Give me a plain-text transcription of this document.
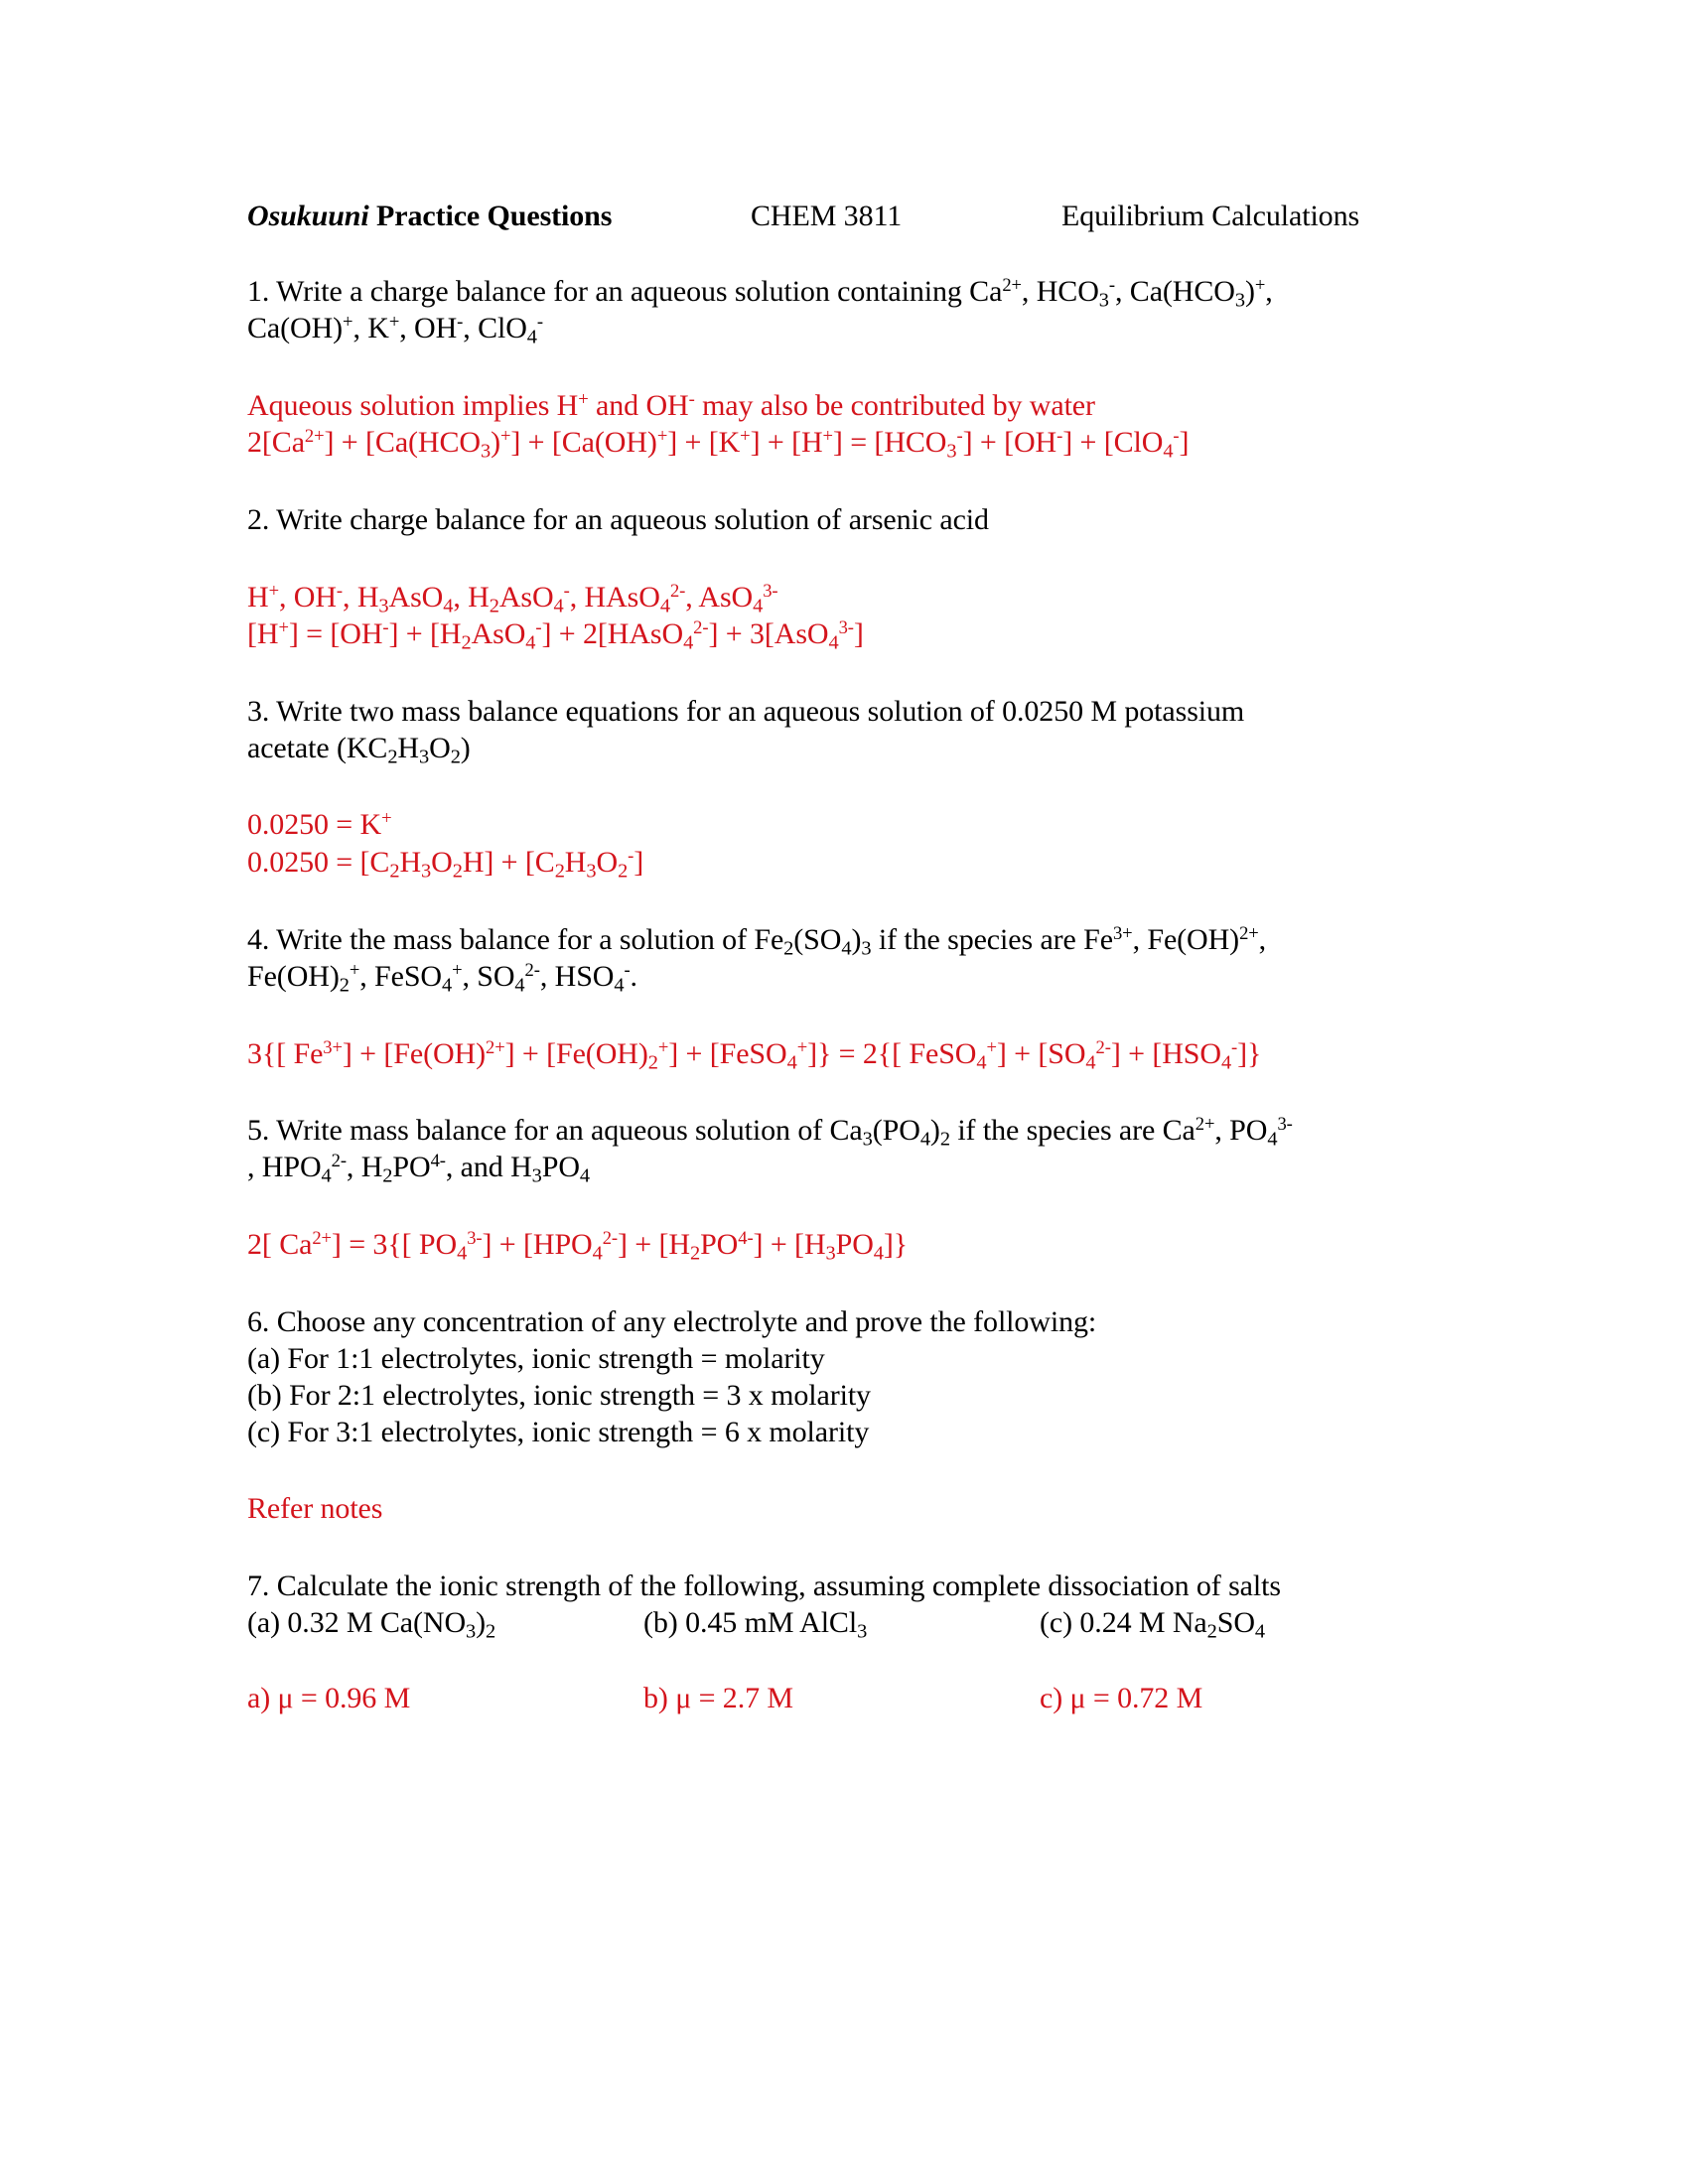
Osukuuni Practice Questions	CHEM 3811	Equilibrium Calculations
1. Write a charge balance for an aqueous solution containing $Ca^{2+}$, $HCO_3^-$, $Ca(HCO_3)^+$,
Ca(OH)+, K+, OH-, ClO$_4$-
Aqueous solution implies H+ and OH- may also be contributed by water
$2[Ca^{2+}] + [Ca(HCO_3)^+] + [Ca(OH)^+] + [K^+] + [H^+] = [HCO_3^-] + [OH^-] + [ClO_4^-]$
2. Write charge balance for an aqueous solution of arsenic acid
H+, OH-, $H_3AsO_4$, $H_2AsO_4^-$, HAsO$_4^{2-}$, AsO$_4^{3-}$
$[H^+] = [OH^-] + [H_2AsO_4^-]$ + 2[HAsO$_4^{2-}$] + 3[AsO$_4^{3-}$]
3. Write two mass balance equations for an aqueous solution of 0.0250 M potassium
acetate $(KC_2H_3O_2)$
0.0250 = K+
$0.0250 = [C_2H_3O_2H] + [C_2H_3O_2^-]$
4. Write the mass balance for a solution of $Fe_2(SO_4)_3$ if the species are $Fe^{3+}$, Fe(OH)$^{2+}$,
$Fe(OH)_2^+$, FeSO$_4$+, $SO_4^{2-}$, $HSO_4^-$.
3{[ $Fe^{3+}] + [Fe(OH)^{2+}] + [Fe(OH)_2^+]$ + [FeSO$_4$+]} = 2{[ FeSO$_4$+] + $[SO_4^{2-}] + [HSO_4^-]$}
5. Write mass balance for an aqueous solution of $Ca_3(PO_4)_2$ if the species are $Ca^{2+}$, $PO_4^{3-}$
, $HPO_4^{2-}$, $H_2PO^{4-}$, and $H_3PO_4$
2[ $Ca^{2+}] = 3${[ $PO_4^{3-}] + [HPO_4^{2-}] + [H_2PO^{4-}] + [H_3PO_4]$}
6. Choose any concentration of any electrolyte and prove the following:
(a) For 1:1 electrolytes, ionic strength = molarity
(b) For 2:1 electrolytes, ionic strength = 3 x molarity
(c) For 3:1 electrolytes, ionic strength = 6 x molarity
Refer notes
7. Calculate the ionic strength of the following, assuming complete dissociation of salts
(a) 0.32 M $Ca(NO_3)_2$	(b) 0.45 mM AlCl$_3$	(c) 0.24 M $Na_2SO_4$
a) μ = 0.96 M	b) μ = 2.7 M	c) μ = 0.72 M
